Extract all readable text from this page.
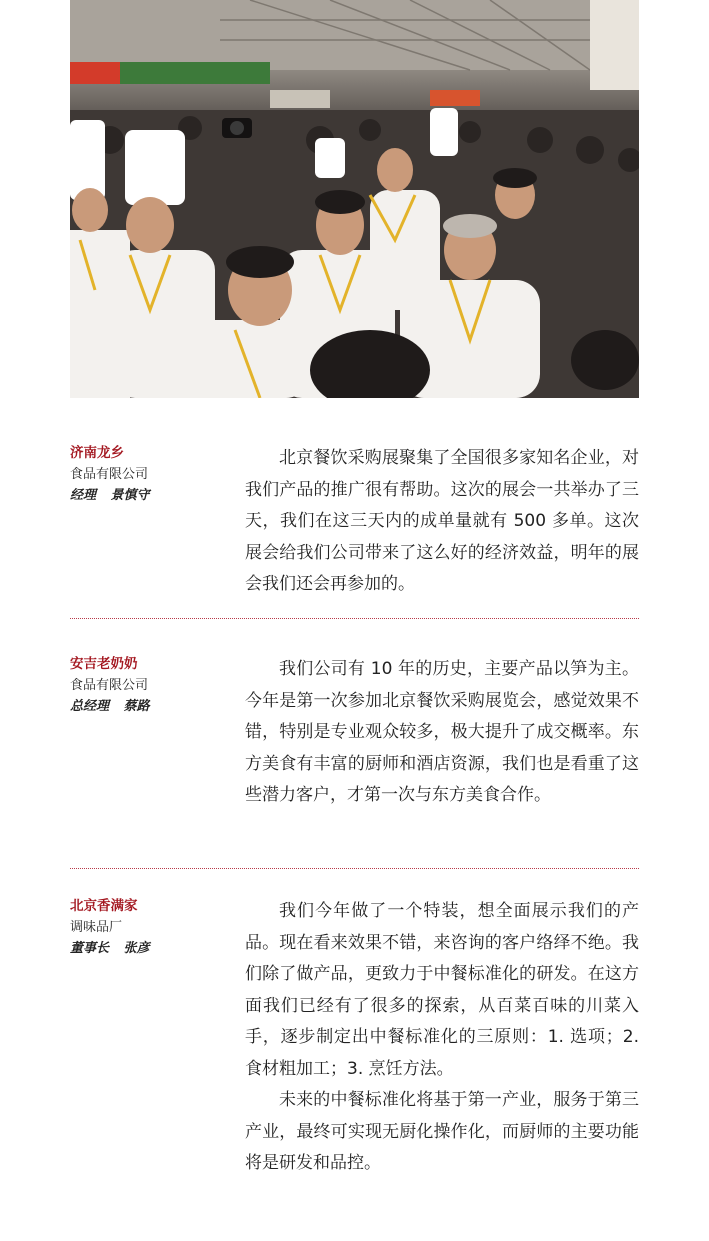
济南龙乡
食品有限公司
经理 景慎守

北京餐饮采购展聚集了全国很多家知名企业，对我们产品的推广很有帮助。这次的展会一共举办了三天，我们在这三天内的成单量就有 500 多单。这次展会给我们公司带来了这么好的经济效益，明年的展会我们还会再参加的。

安吉老奶奶
食品有限公司
总经理 蔡路

我们公司有 10 年的历史，主要产品以笋为主。今年是第一次参加北京餐饮采购展览会，感觉效果不错，特别是专业观众较多，极大提升了成交概率。东方美食有丰富的厨师和酒店资源，我们也是看重了这些潜力客户，才第一次与东方美食合作。

北京香满家
调味品厂
董事长 张彦

我们今年做了一个特装，想全面展示我们的产品。现在看来效果不错，来咨询的客户络绎不绝。我们除了做产品，更致力于中餐标准化的研发。在这方面我们已经有了很多的探索，从百菜百味的川菜入手，逐步制定出中餐标准化的三原则：1. 选项；2. 食材粗加工；3. 烹饪方法。

未来的中餐标准化将基于第一产业，服务于第三产业，最终可实现无厨化操作化，而厨师的主要功能将是研发和品控。
